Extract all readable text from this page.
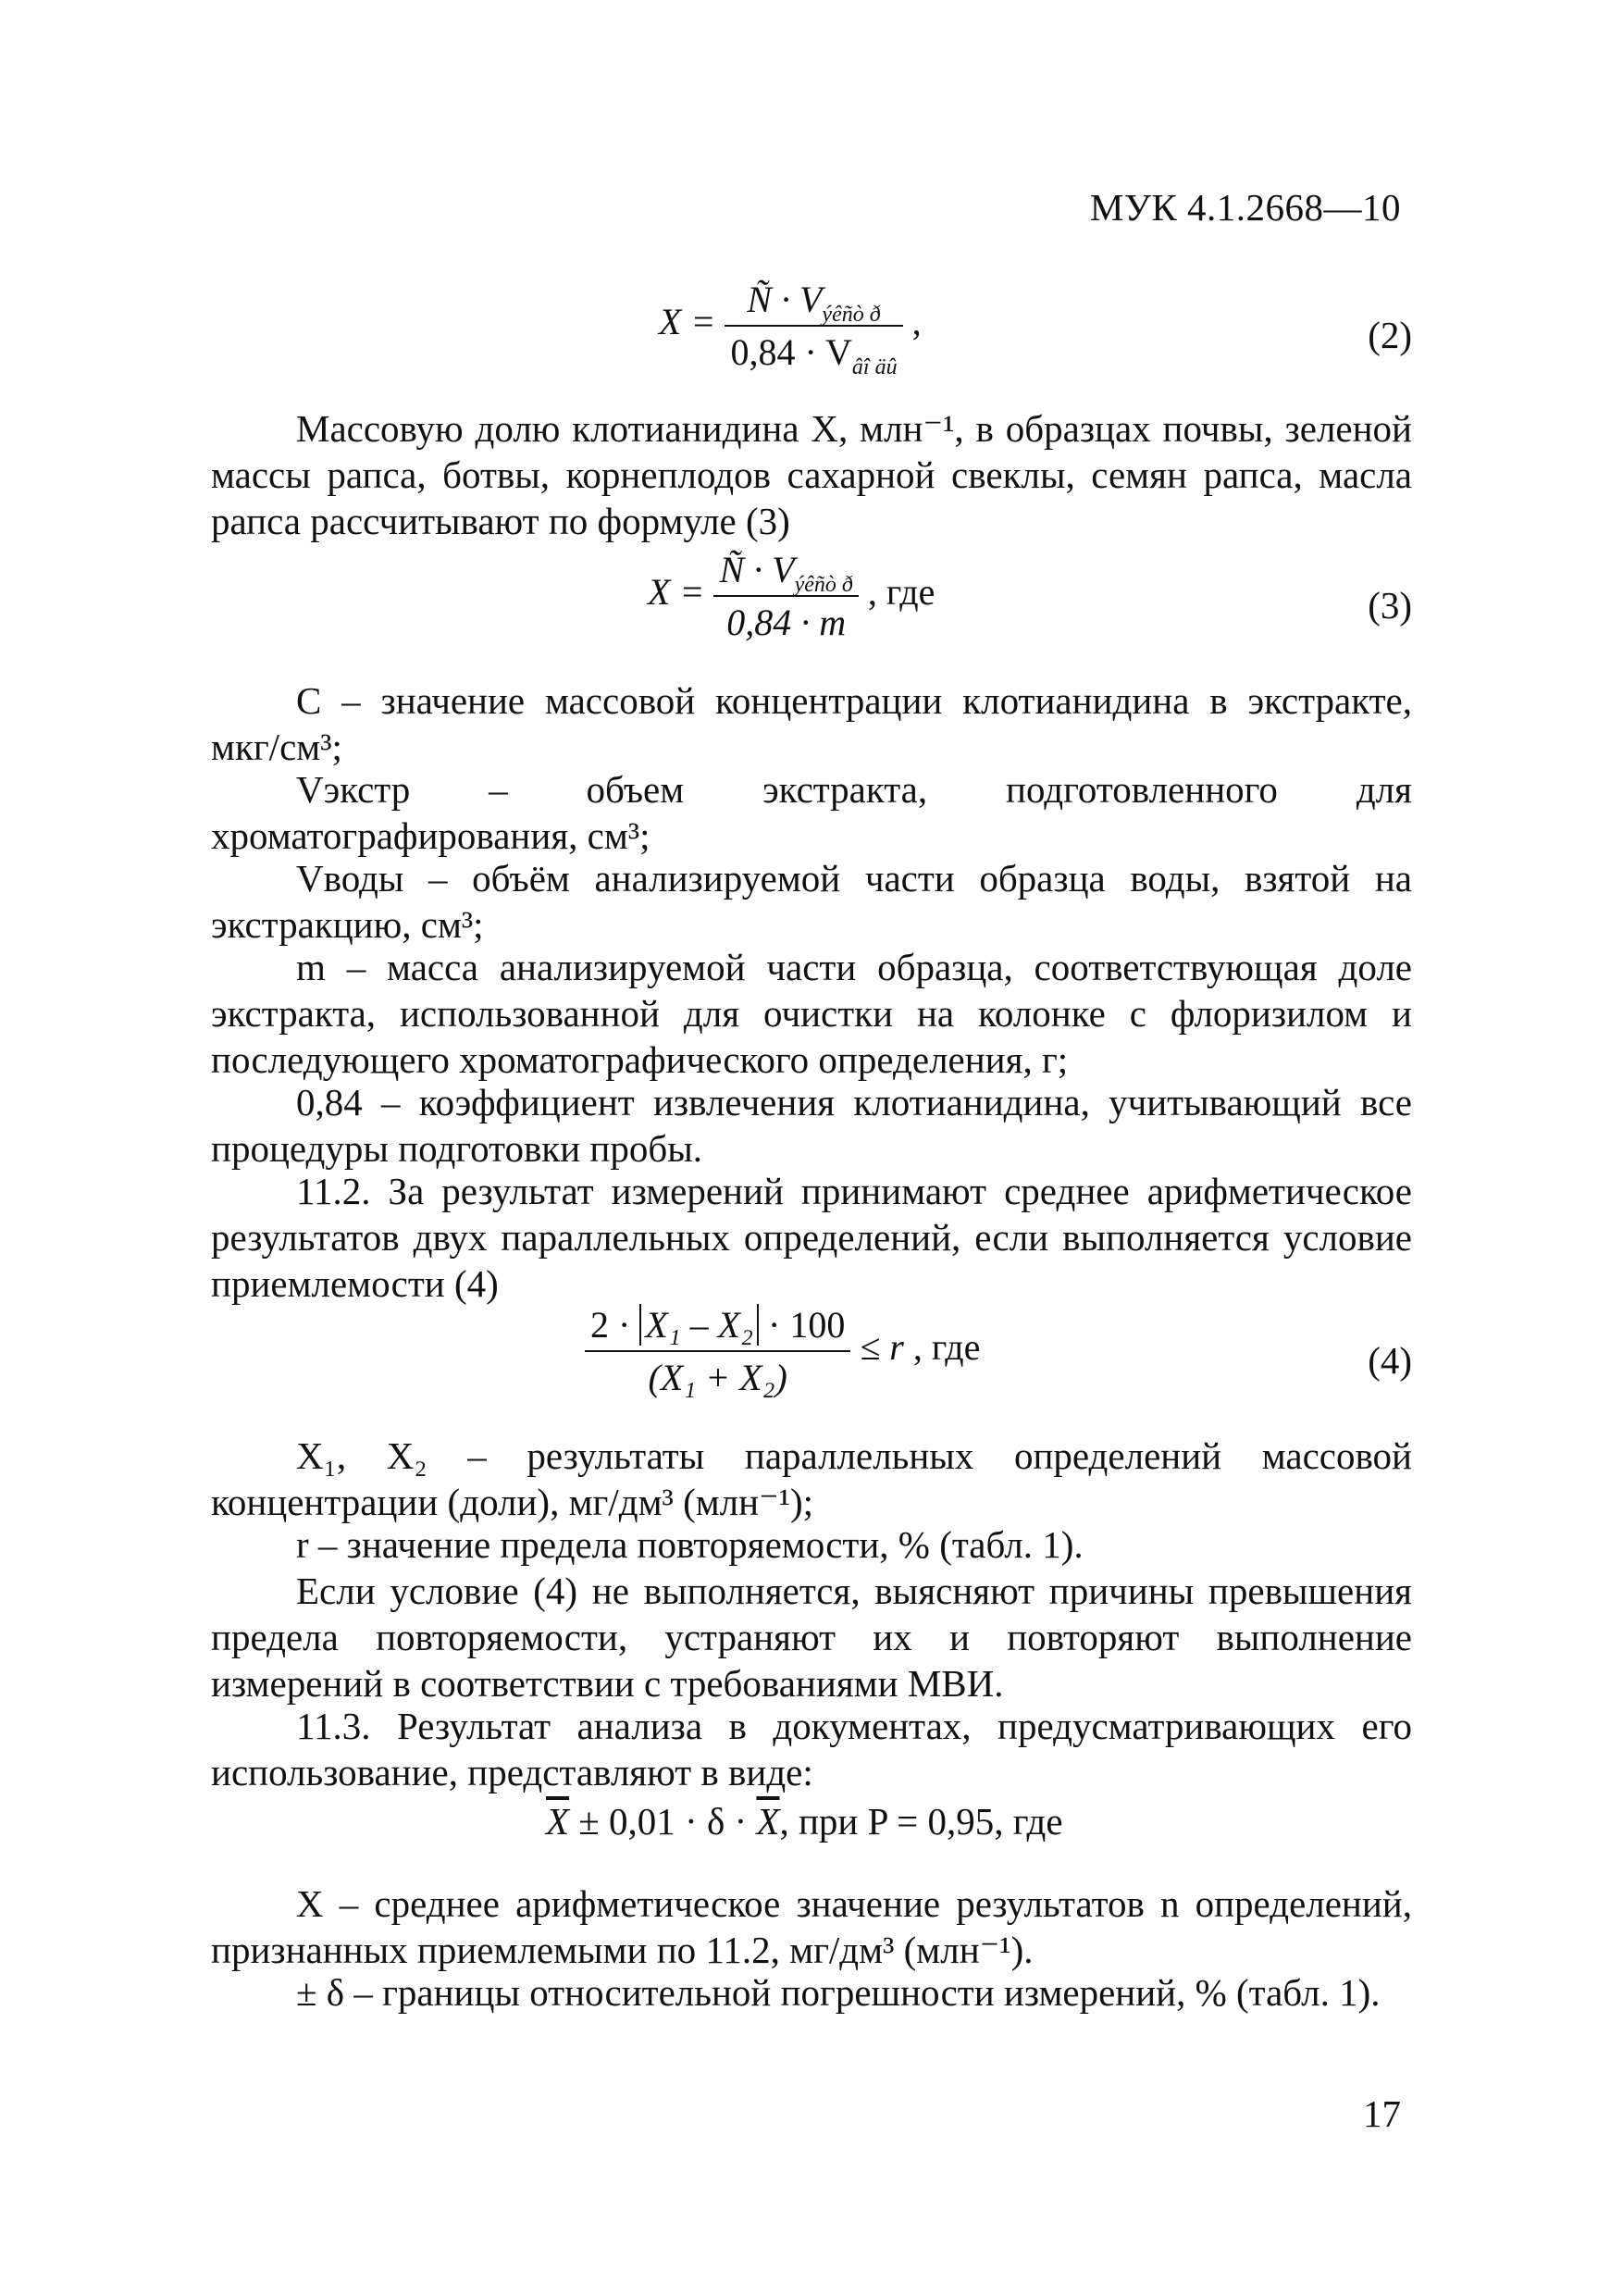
МУК 4.1.2668—10
$X = \frac{Ñ \cdot V_{ýêñò ð}}{0,84 \cdot V_{âî äû}}$ ,	(2)

Массовую долю клотианидина X, млн⁻¹, в образцах почвы, зеленой массы рапса, ботвы, корнеплодов сахарной свеклы, семян рапса, масла рапса рассчитывают по формуле (3)

$X = \frac{Ñ \cdot V_{ýêñò ð}}{0,84 \cdot m}$ , где	(3)

C – значение массовой концентрации клотианидина в экстракте, мкг/см³;

Vэкстр – объем экстракта, подготовленного для хроматографирования, см³;

Vводы – объём анализируемой части образца воды, взятой на экстракцию, см³;

m – масса анализируемой части образца, соответствующая доле экстракта, использованной для очистки на колонке с флоризилом и последующего хроматографического определения, г;

0,84 – коэффициент извлечения клотианидина, учитывающий все процедуры подготовки пробы.

11.2. За результат измерений принимают среднее арифметическое результатов двух параллельных определений, если выполняется условие приемлемости (4)

$\frac{\text{2 · X₁ – X₂ · 100}}{\text{(X₁ + X₂)}} \le r$ , где	(4)

X₁, X₂ – результаты параллельных определений массовой концентрации (доли), мг/дм³ (млн⁻¹);

r – значение предела повторяемости, % (табл. 1).

Если условие (4) не выполняется, выясняют причины превышения предела повторяемости, устраняют их и повторяют выполнение измерений в соответствии с требованиями МВИ.

11.3. Результат анализа в документах, предусматривающих его использование, представляют в виде:

$\overline{X} \pm 0,01 \cdot \delta \cdot \overline{X}$, при P = 0,95, где

X – среднее арифметическое значение результатов n определений, признанных приемлемыми по 11.2, мг/дм³ (млн⁻¹).

± δ – границы относительной погрешности измерений, % (табл. 1).

17
